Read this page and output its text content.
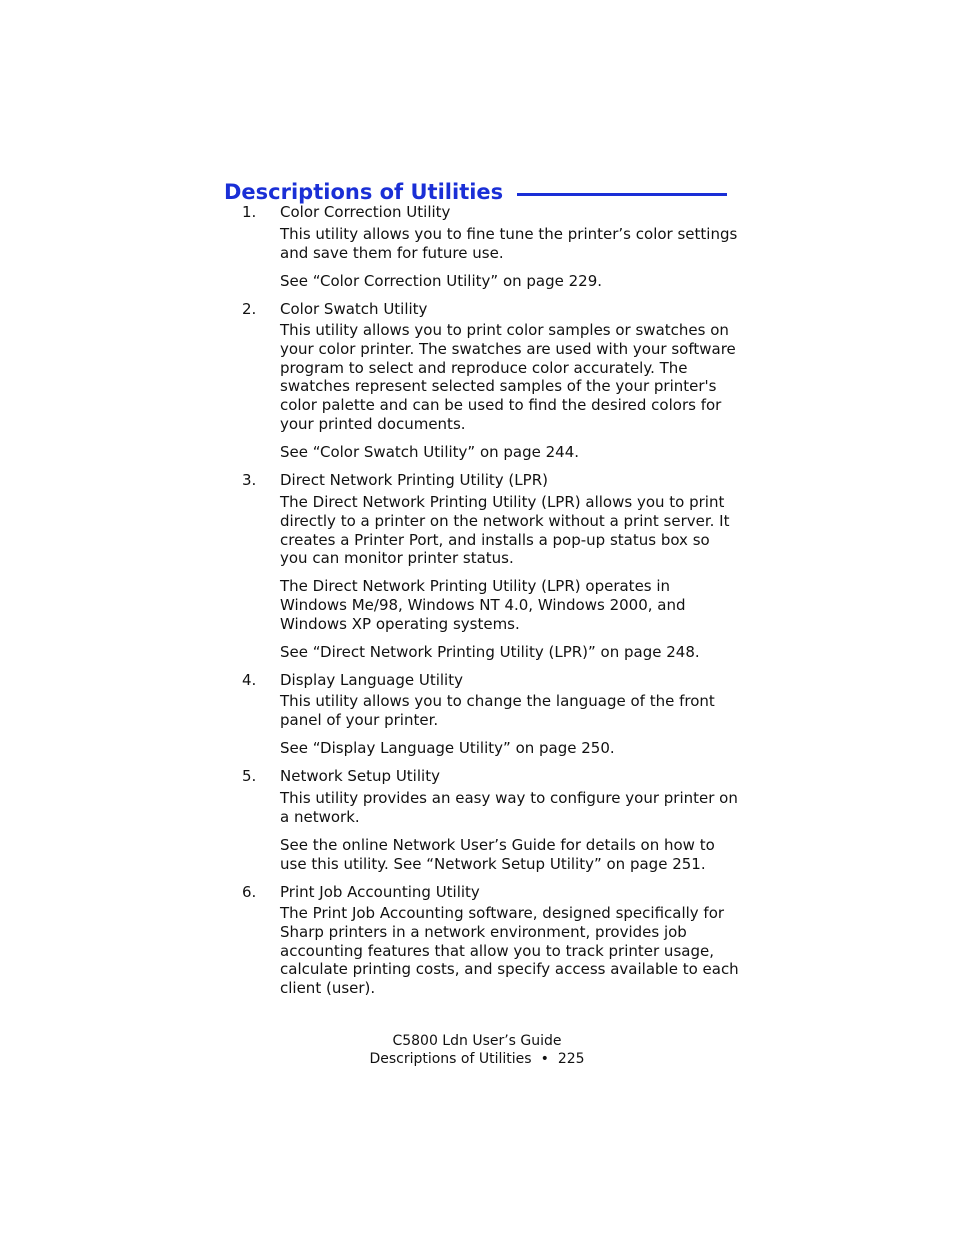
Descriptions of Utilities
1. Color Correction Utility

This utility allows you to fine tune the printer’s color settings and save them for future use.

See “Color Correction Utility” on page 229.

2. Color Swatch Utility

This utility allows you to print color samples or swatches on your color printer. The swatches are used with your software program to select and reproduce color accurately. The swatches represent selected samples of the your printer's color palette and can be used to find the desired colors for your printed documents.

See “Color Swatch Utility” on page 244.

3. Direct Network Printing Utility (LPR)

The Direct Network Printing Utility (LPR) allows you to print directly to a printer on the network without a print server. It creates a Printer Port, and installs a pop-up status box so you can monitor printer status.

The Direct Network Printing Utility (LPR) operates in Windows Me/98, Windows NT 4.0, Windows 2000, and Windows XP operating systems.

See “Direct Network Printing Utility (LPR)” on page 248.

4. Display Language Utility

This utility allows you to change the language of the front panel of your printer.

See “Display Language Utility” on page 250.

5. Network Setup Utility

This utility provides an easy way to configure your printer on a network.

See the online Network User’s Guide for details on how to use this utility. See “Network Setup Utility” on page 251.

6. Print Job Accounting Utility

The Print Job Accounting software, designed specifically for Sharp printers in a network environment, provides job accounting features that allow you to track printer usage, calculate printing costs, and specify access available to each client (user).

C5800 Ldn User’s Guide
Descriptions of Utilities • 225
